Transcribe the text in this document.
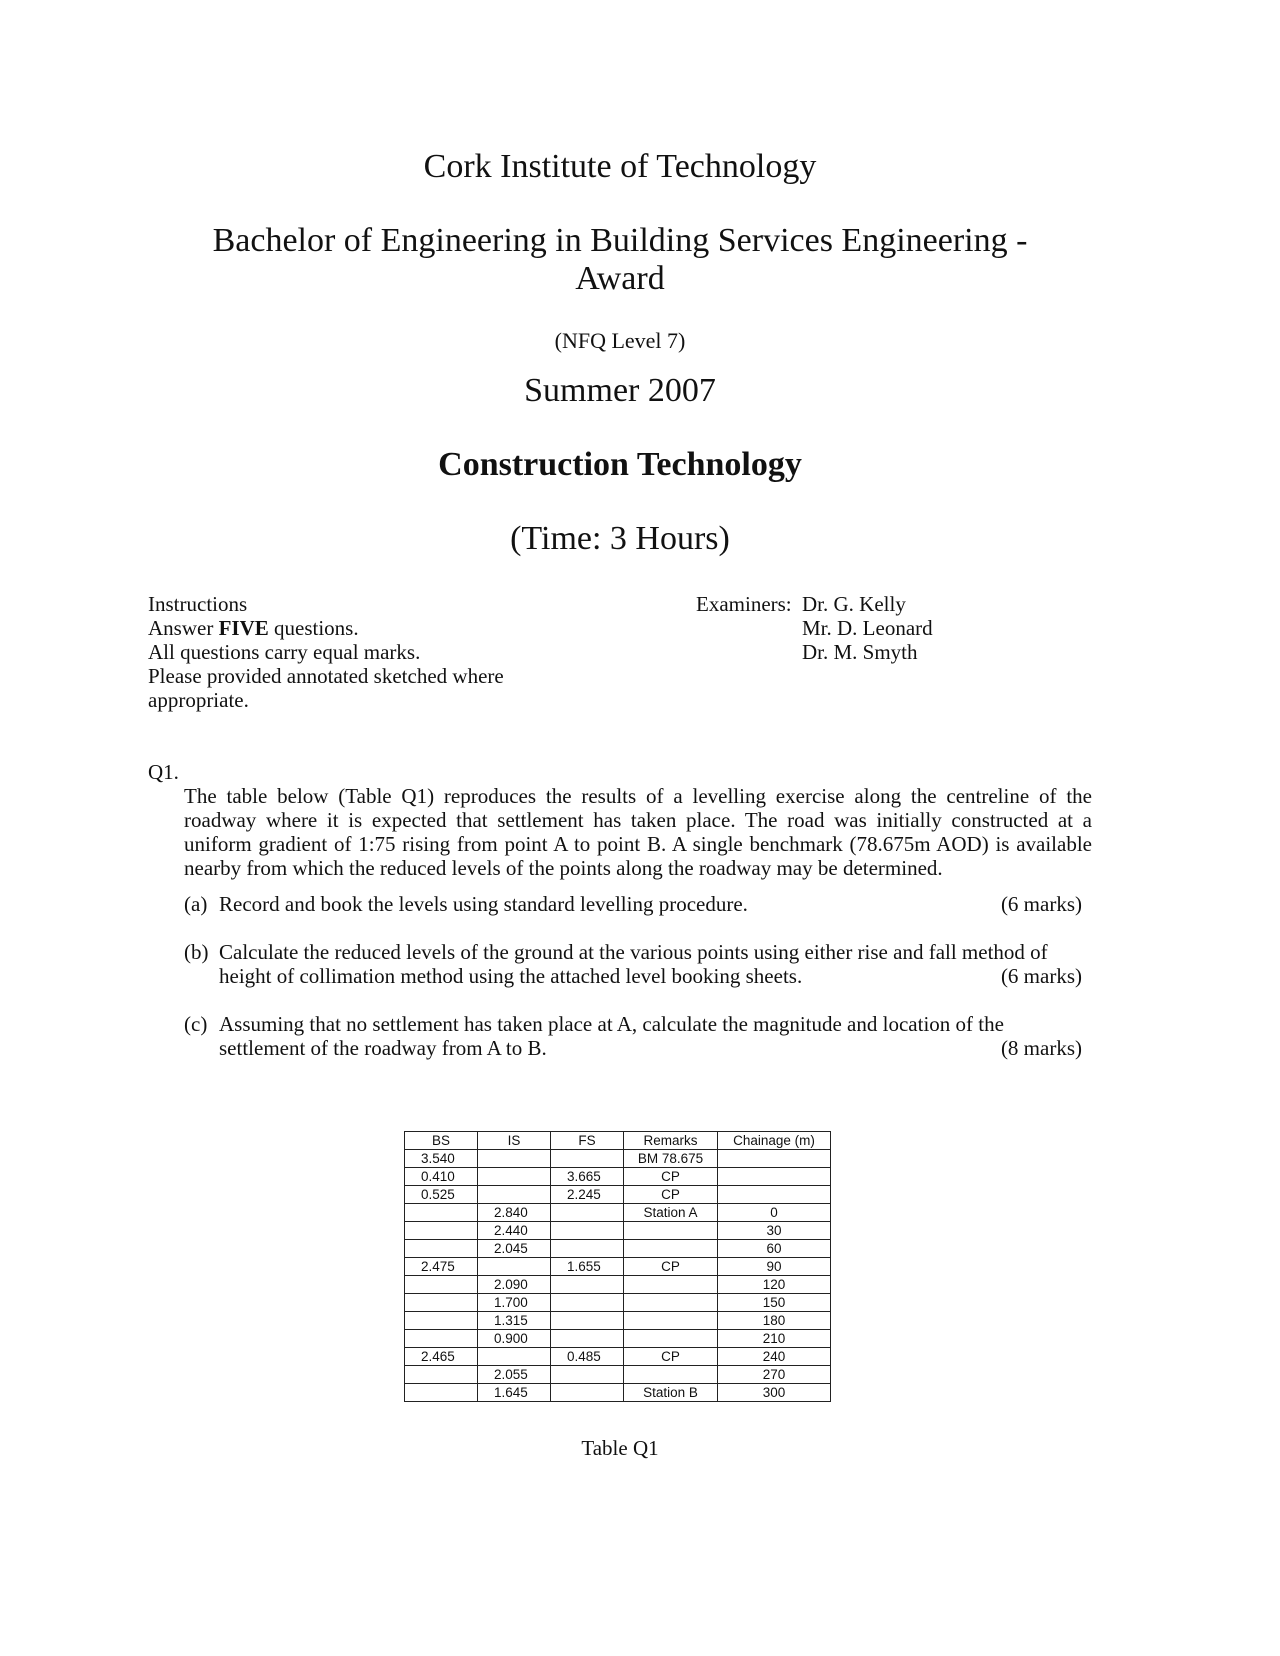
Cork Institute of Technology
Bachelor of Engineering in Building Services Engineering -
Award
(NFQ Level 7)
Summer 2007
Construction Technology
(Time: 3 Hours)
Instructions
Answer FIVE questions.
All questions carry equal marks.
Please provided annotated sketched where
appropriate.
Examiners: Dr. G. Kelly
Mr. D. Leonard
Dr. M. Smyth
Q1.
The table below (Table Q1) reproduces the results of a levelling exercise along the centreline of the roadway where it is expected that settlement has taken place. The road was initially constructed at a uniform gradient of 1:75 rising from point A to point B. A single benchmark (78.675m AOD) is available nearby from which the reduced levels of the points along the roadway may be determined.
(a) Record and book the levels using standard levelling procedure.	(6 marks)
(b) Calculate the reduced levels of the ground at the various points using either rise and fall method of
height of collimation method using the attached level booking sheets.	(6 marks)
(c) Assuming that no settlement has taken place at A, calculate the magnitude and location of the
settlement of the roadway from A to B.	(8 marks)
BS	IS	FS	Remarks	Chainage (m)
3.540			BM 78.675	
0.410		3.665	CP	
0.525		2.245	CP	
	2.840		Station A	0
	2.440			30
	2.045			60
2.475		1.655	CP	90
	2.090			120
	1.700			150
	1.315			180
	0.900			210
2.465		0.485	CP	240
	2.055			270
	1.645		Station B	300
Table Q1
